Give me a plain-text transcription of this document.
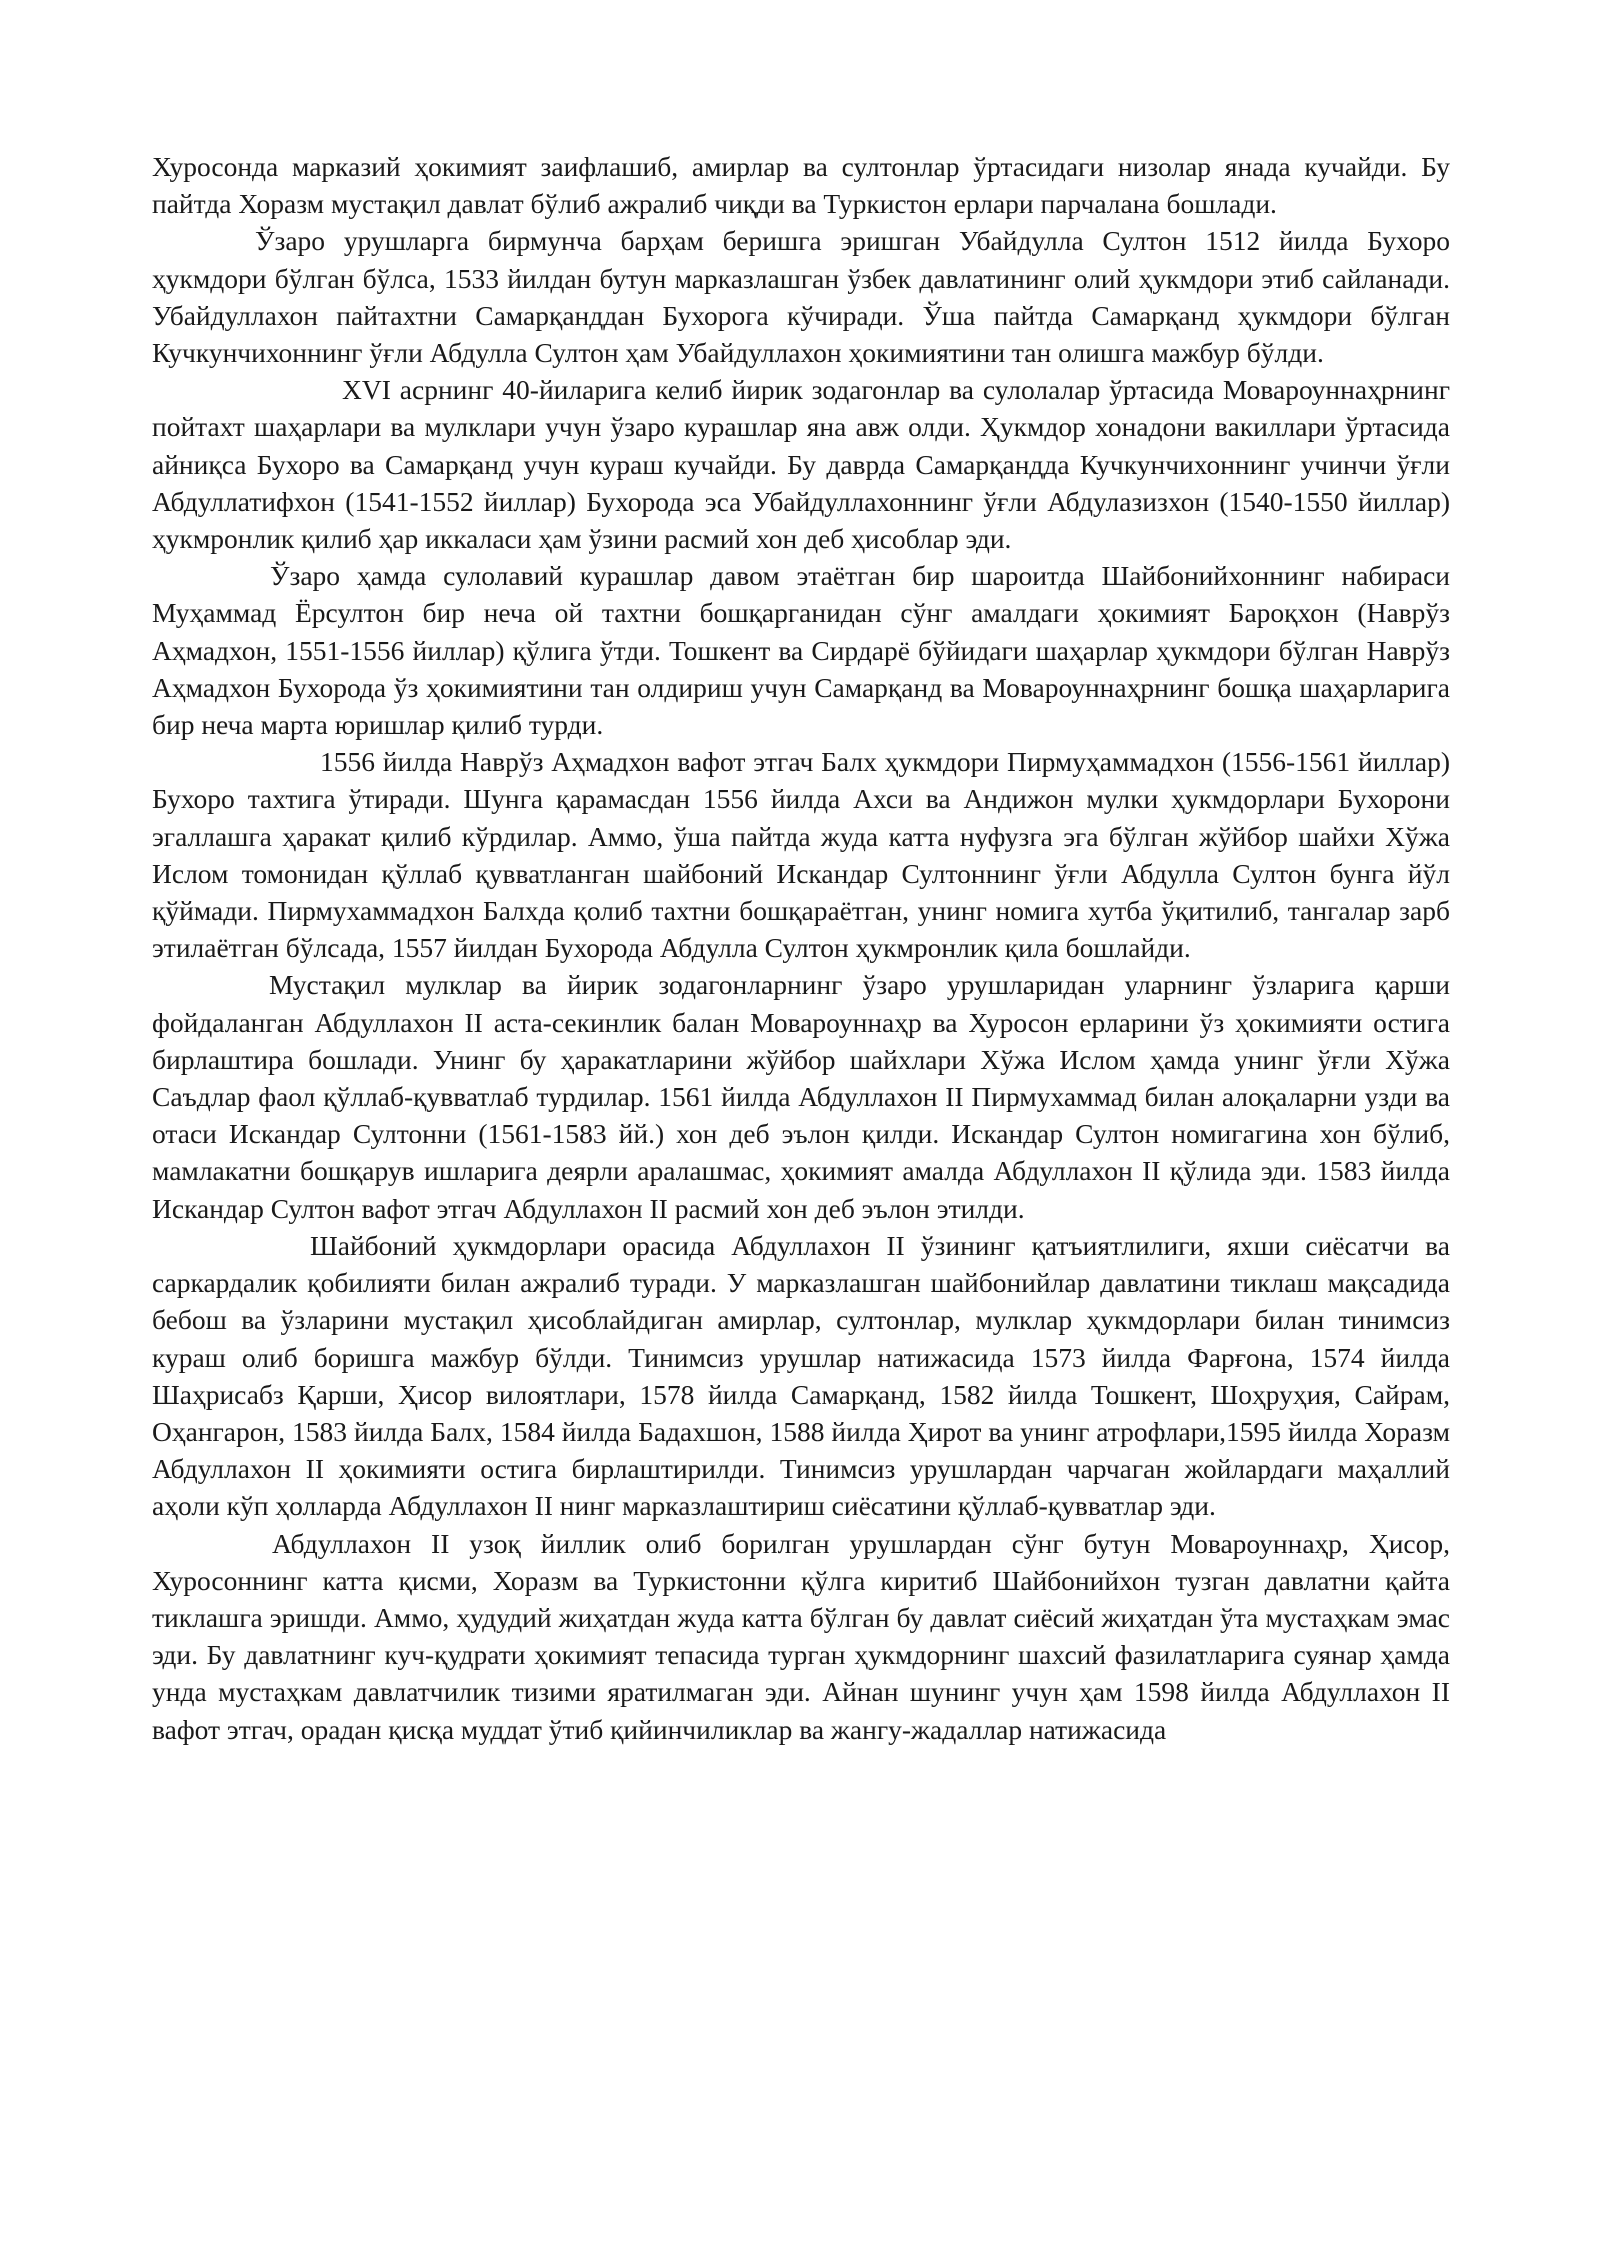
Хуросонда марказий ҳокимият заифлашиб, амирлар ва султонлар ўртасидаги низолар янада кучайди. Бу пайтда Хоразм мустақил давлат бўлиб ажралиб чиқди ва Туркистон ерлари парчалана бошлади.

Ўзаро урушларга бирмунча барҳам беришга эришган Убайдулла Султон 1512 йилда Бухоро ҳукмдори бўлган бўлса, 1533 йилдан бутун марказлашган ўзбек давлатининг олий ҳукмдори этиб сайланади. Убайдуллахон пайтахтни Самарқанддан Бухорога кўчиради. Ўша пайтда Самарқанд ҳукмдори бўлган Кучкунчихоннинг ўғли Абдулла Султон ҳам Убайдуллахон ҳокимиятини тан олишга мажбур бўлди.

XVI асрнинг 40-йиларига келиб йирик зодагонлар ва сулолалар ўртасида Мовароуннаҳрнинг пойтахт шаҳарлари ва мулклари учун ўзаро курашлар яна авж олди. Ҳукмдор хонадони вакиллари ўртасида айниқса Бухоро ва Самарқанд учун кураш кучайди. Бу даврда Самарқандда Кучкунчихоннинг учинчи ўғли Абдуллатифхон (1541-1552 йиллар) Бухорода эса Убайдуллахоннинг ўғли Абдулазизхон (1540-1550 йиллар) ҳукмронлик қилиб ҳар иккаласи ҳам ўзини расмий хон деб ҳисоблар эди.

Ўзаро ҳамда сулолавий курашлар давом этаётган бир шароитда Шайбонийхоннинг набираси Муҳаммад Ёрсултон бир неча ой тахтни бошқарганидан сўнг амалдаги ҳокимият Бароқхон (Наврўз Аҳмадхон, 1551-1556 йиллар) қўлига ўтди. Тошкент ва Сирдарё бўйидаги шаҳарлар ҳукмдори бўлган Наврўз Аҳмадхон Бухорода ўз ҳокимиятини тан олдириш учун Самарқанд ва Мовароуннаҳрнинг бошқа шаҳарларига бир неча марта юришлар қилиб турди.

1556 йилда Наврўз Аҳмадхон вафот этгач Балх ҳукмдори Пирмуҳаммадхон (1556-1561 йиллар) Бухоро тахтига ўтиради. Шунга қарамасдан 1556 йилда Ахси ва Андижон мулки ҳукмдорлари Бухорони эгаллашга ҳаракат қилиб кўрдилар. Аммо, ўша пайтда жуда катта нуфузга эга бўлган жўйбор шайхи Хўжа Ислом томонидан қўллаб қувватланган шайбоний Искандар Султоннинг ўғли Абдулла Султон бунга йўл қўймади. Пирмухаммадхон Балхда қолиб тахтни бошқараётган, унинг номига хутба ўқитилиб, тангалар зарб этилаётган бўлсада, 1557 йилдан Бухорода Абдулла Султон ҳукмронлик қила бошлайди.

Мустақил мулклар ва йирик зодагонларнинг ўзаро урушларидан уларнинг ўзларига қарши фойдаланган Абдуллахон II аста-секинлик балан Мовароуннаҳр ва Хуросон ерларини ўз ҳокимияти остига бирлаштира бошлади. Унинг бу ҳаракатларини жўйбор шайхлари Хўжа Ислом ҳамда унинг ўғли Хўжа Саъдлар фаол қўллаб-қувватлаб турдилар. 1561 йилда Абдуллахон II Пирмухаммад билан алоқаларни узди ва отаси Искандар Султонни (1561-1583 йй.) хон деб эълон қилди. Искандар Султон номигагина хон бўлиб, мамлакатни бошқарув ишларига деярли аралашмас, ҳокимият амалда Абдуллахон II қўлида эди. 1583 йилда Искандар Султон вафот этгач Абдуллахон II расмий хон деб эълон этилди.

Шайбоний ҳукмдорлари орасида Абдуллахон II ўзининг қатъиятлилиги, яхши сиёсатчи ва саркардалик қобилияти билан ажралиб туради. У марказлашган шайбонийлар давлатини тиклаш мақсадида бебош ва ўзларини мустақил ҳисоблайдиган амирлар, султонлар, мулклар ҳукмдорлари билан тинимсиз кураш олиб боришга мажбур бўлди. Тинимсиз урушлар натижасида 1573 йилда Фарғона, 1574 йилда Шаҳрисабз Қарши, Ҳисор вилоятлари, 1578 йилда Самарқанд, 1582 йилда Тошкент, Шоҳруҳия, Сайрам, Оҳангарон, 1583 йилда Балх, 1584 йилда Бадахшон, 1588 йилда Ҳирот ва унинг атрофлари,1595 йилда Хоразм Абдуллахон II ҳокимияти остига бирлаштирилди. Тинимсиз урушлардан чарчаган жойлардаги маҳаллий аҳоли кўп ҳолларда Абдуллахон II нинг марказлаштириш сиёсатини қўллаб-қувватлар эди.

Абдуллахон II узоқ йиллик олиб борилган урушлардан сўнг бутун Мовароуннаҳр, Ҳисор, Хуросоннинг катта қисми, Хоразм ва Туркистонни қўлга киритиб Шайбонийхон тузган давлатни қайта тиклашга эришди. Аммо, ҳудудий жиҳатдан жуда катта бўлган бу давлат сиёсий жиҳатдан ўта мустаҳкам эмас эди. Бу давлатнинг куч-қудрати ҳокимият тепасида турган ҳукмдорнинг шахсий фазилатларига суянар ҳамда унда мустаҳкам давлатчилик тизими яратилмаган эди. Айнан шунинг учун ҳам 1598 йилда Абдуллахон II вафот этгач, орадан қисқа муддат ўтиб қийинчиликлар ва жангу-жадаллар натижасида
